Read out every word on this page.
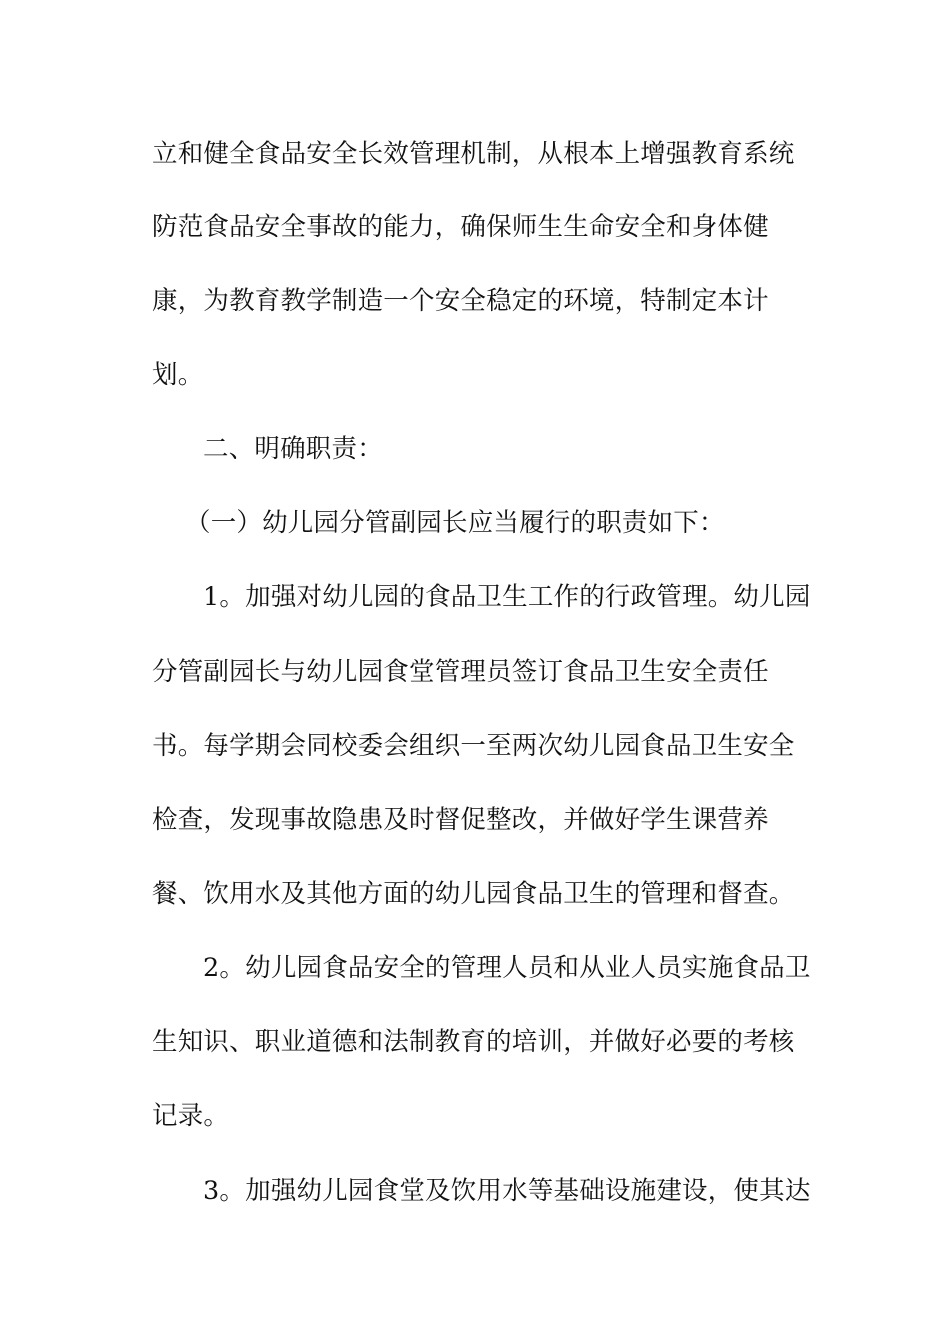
立和健全食品安全长效管理机制，从根本上增强教育系统
防范食品安全事故的能力，确保师生生命安全和身体健
康，为教育教学制造一个安全稳定的环境，特制定本计
划。
二、明确职责：
（一）幼儿园分管副园长应当履行的职责如下：
1。加强对幼儿园的食品卫生工作的行政管理。幼儿园
分管副园长与幼儿园食堂管理员签订食品卫生安全责任
书。每学期会同校委会组织一至两次幼儿园食品卫生安全
检查，发现事故隐患及时督促整改，并做好学生课营养
餐、饮用水及其他方面的幼儿园食品卫生的管理和督查。
2。幼儿园食品安全的管理人员和从业人员实施食品卫
生知识、职业道德和法制教育的培训，并做好必要的考核
记录。
3。加强幼儿园食堂及饮用水等基础设施建设，使其达
